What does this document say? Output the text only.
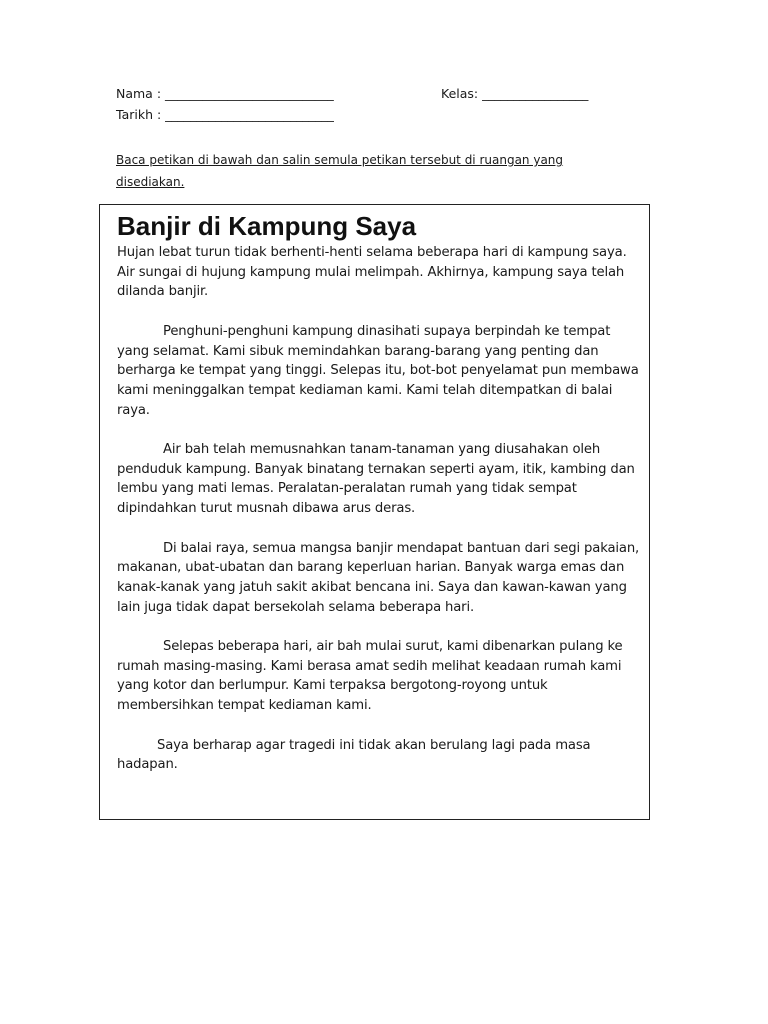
Nama : ___________________________	Kelas: _________________
Tarikh : ___________________________
Baca petikan di bawah dan salin semula petikan tersebut di ruangan yang disediakan.
Banjir di Kampung Saya

Hujan lebat turun tidak berhenti-henti selama beberapa hari di kampung saya. Air sungai di hujung kampung mulai melimpah. Akhirnya, kampung saya telah dilanda banjir.

Penghuni-penghuni kampung dinasihati supaya berpindah ke tempat yang selamat. Kami sibuk memindahkan barang-barang yang penting dan berharga ke tempat yang tinggi. Selepas itu, bot-bot penyelamat pun membawa kami meninggalkan tempat kediaman kami. Kami telah ditempatkan di balai raya.

Air bah telah memusnahkan tanam-tanaman yang diusahakan oleh penduduk kampung. Banyak binatang ternakan seperti ayam, itik, kambing dan lembu yang mati lemas. Peralatan-peralatan rumah yang tidak sempat dipindahkan turut musnah dibawa arus deras.

Di balai raya, semua mangsa banjir mendapat bantuan dari segi pakaian, makanan, ubat-ubatan dan barang keperluan harian. Banyak warga emas dan kanak-kanak yang jatuh sakit akibat bencana ini. Saya dan kawan-kawan yang lain juga tidak dapat bersekolah selama beberapa hari.

Selepas beberapa hari, air bah mulai surut, kami dibenarkan pulang ke rumah masing-masing. Kami berasa amat sedih melihat keadaan rumah kami yang kotor dan berlumpur. Kami terpaksa bergotong-royong untuk membersihkan tempat kediaman kami.

Saya berharap agar tragedi ini tidak akan berulang lagi pada masa hadapan.
